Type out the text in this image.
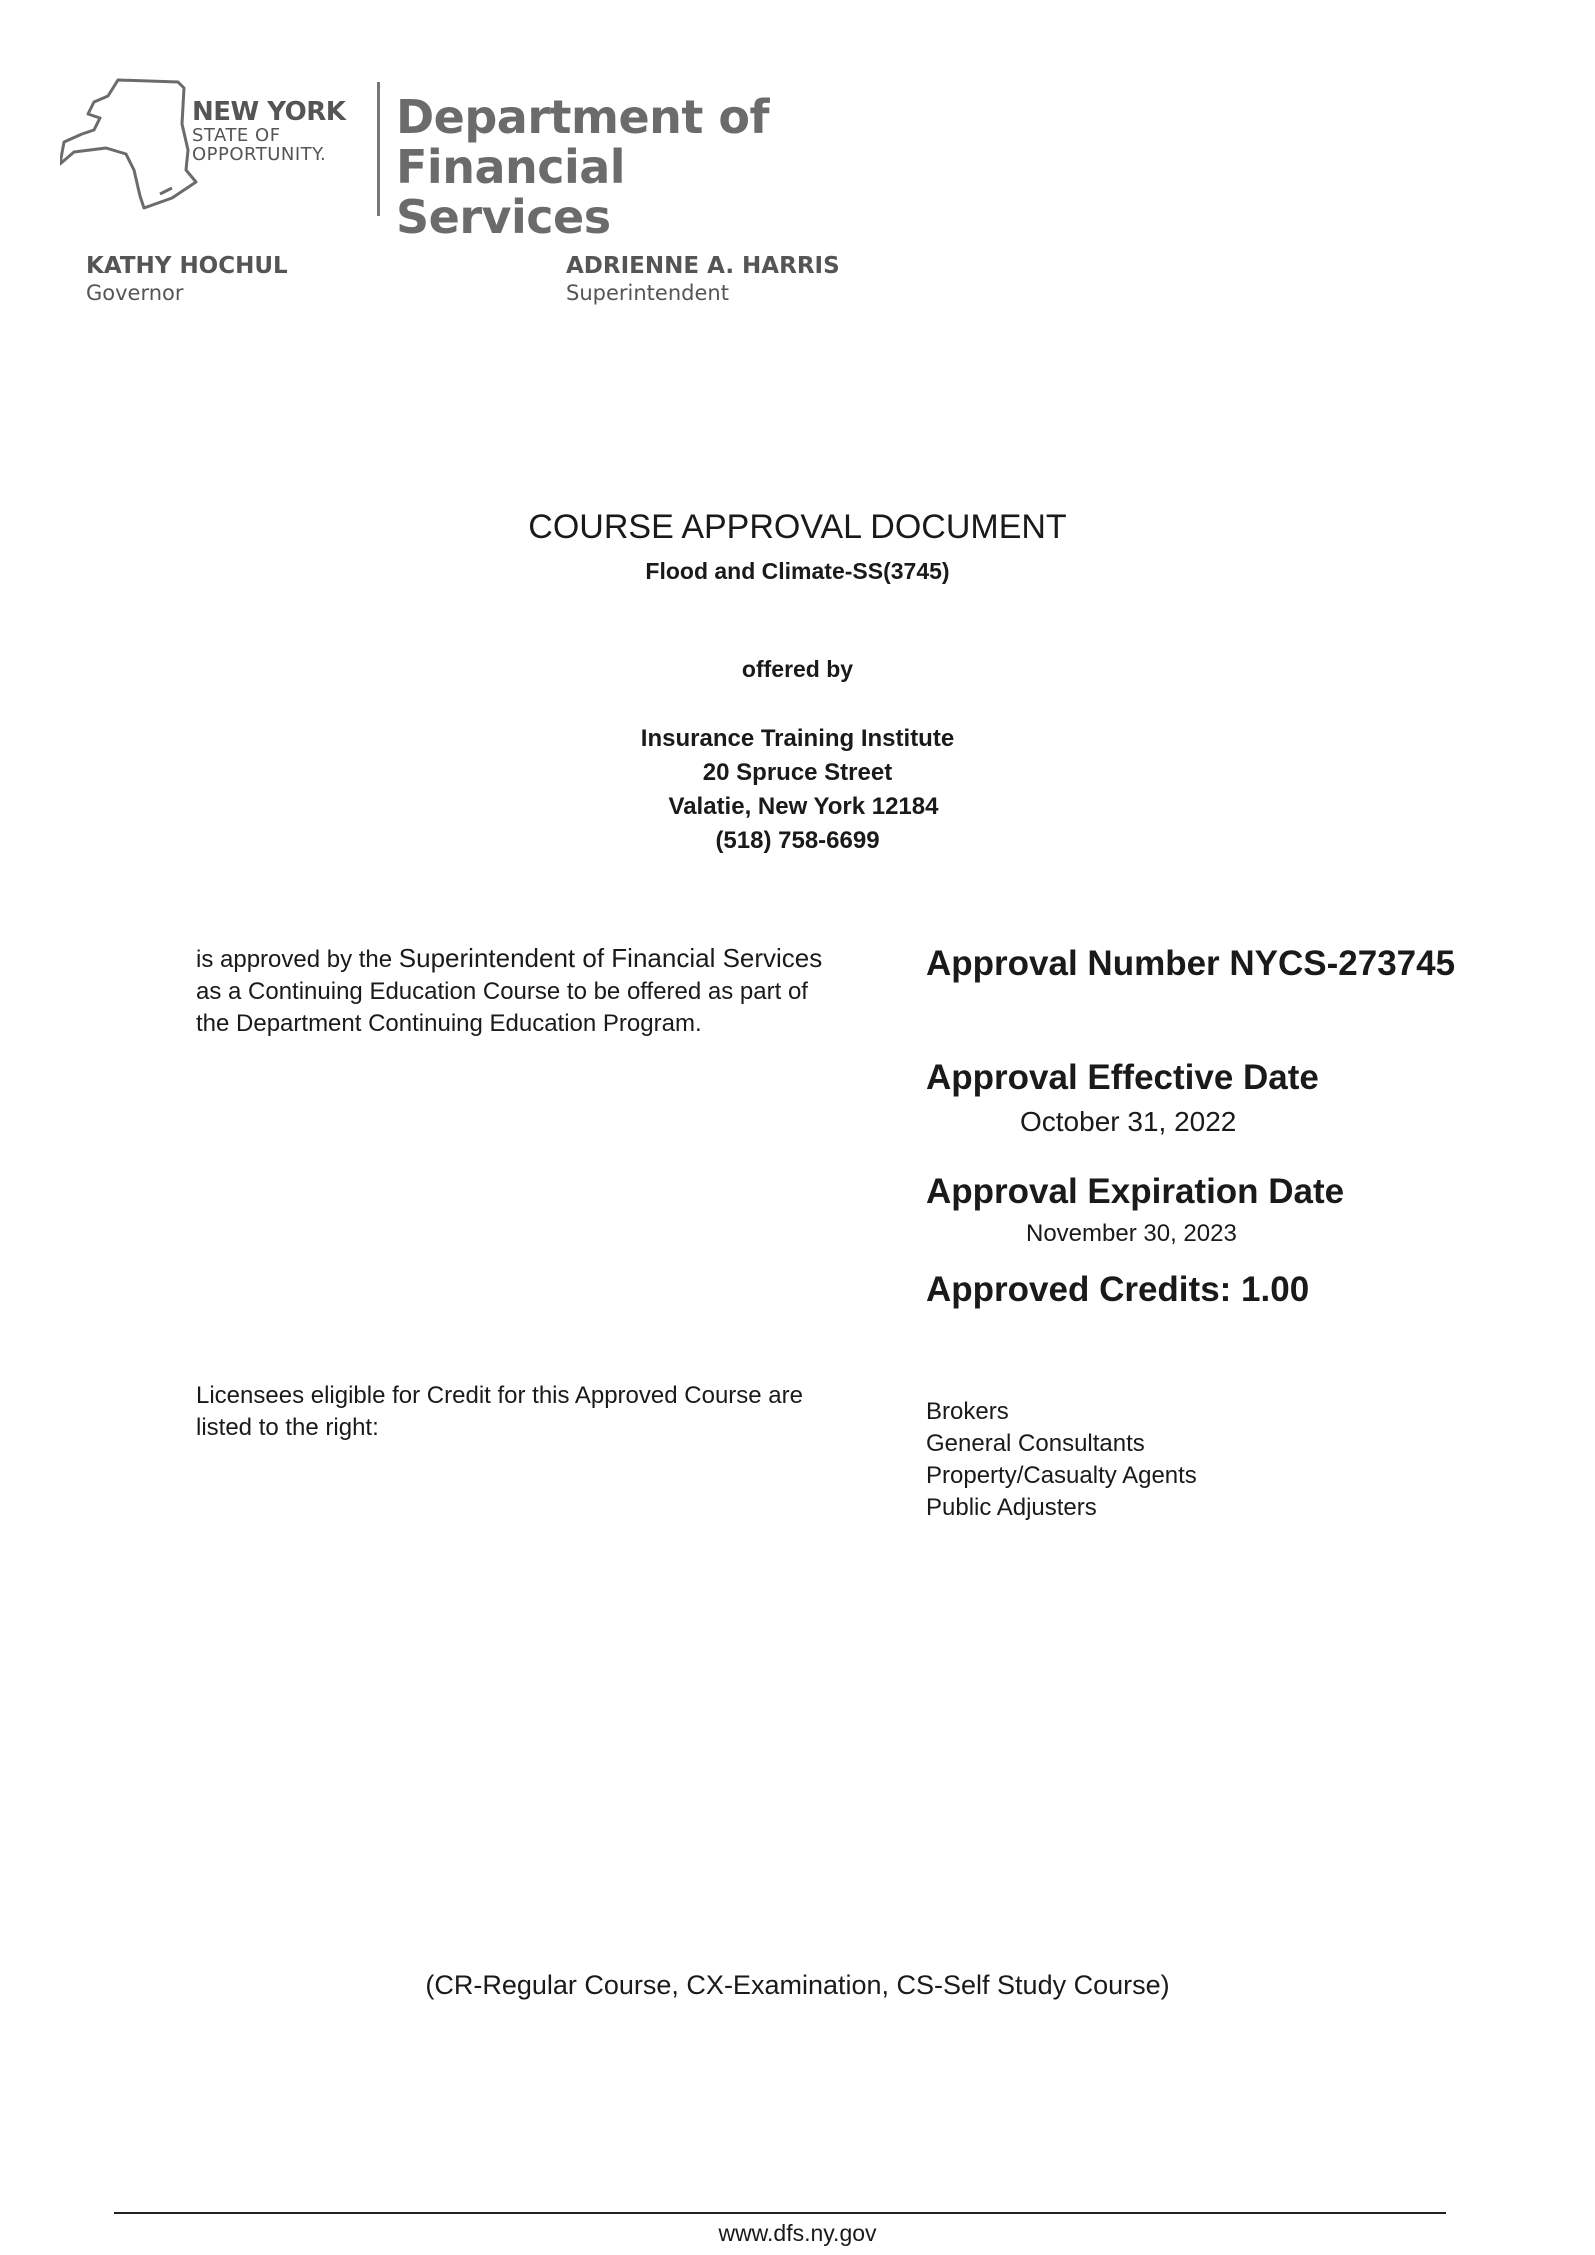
NEW YORK
STATE OF
OPPORTUNITY.
Department of
Financial Services
KATHY HOCHUL
Governor
ADRIENNE A. HARRIS
Superintendent
COURSE APPROVAL DOCUMENT
Flood and Climate-SS(3745)
offered by
Insurance Training Institute
20 Spruce Street
Valatie, New York 12184
(518) 758-6699
is approved by the Superintendent of Financial Services as a Continuing Education Course to be offered as part of the Department Continuing Education Program.
Licensees eligible for Credit for this Approved Course are listed to the right:
Approval Number NYCS-273745
Approval Effective Date
October 31, 2022
Approval Expiration Date
November 30, 2023
Approved Credits: 1.00
Brokers
General Consultants
Property/Casualty Agents
Public Adjusters
(CR-Regular Course, CX-Examination, CS-Self Study Course)
www.dfs.ny.gov
